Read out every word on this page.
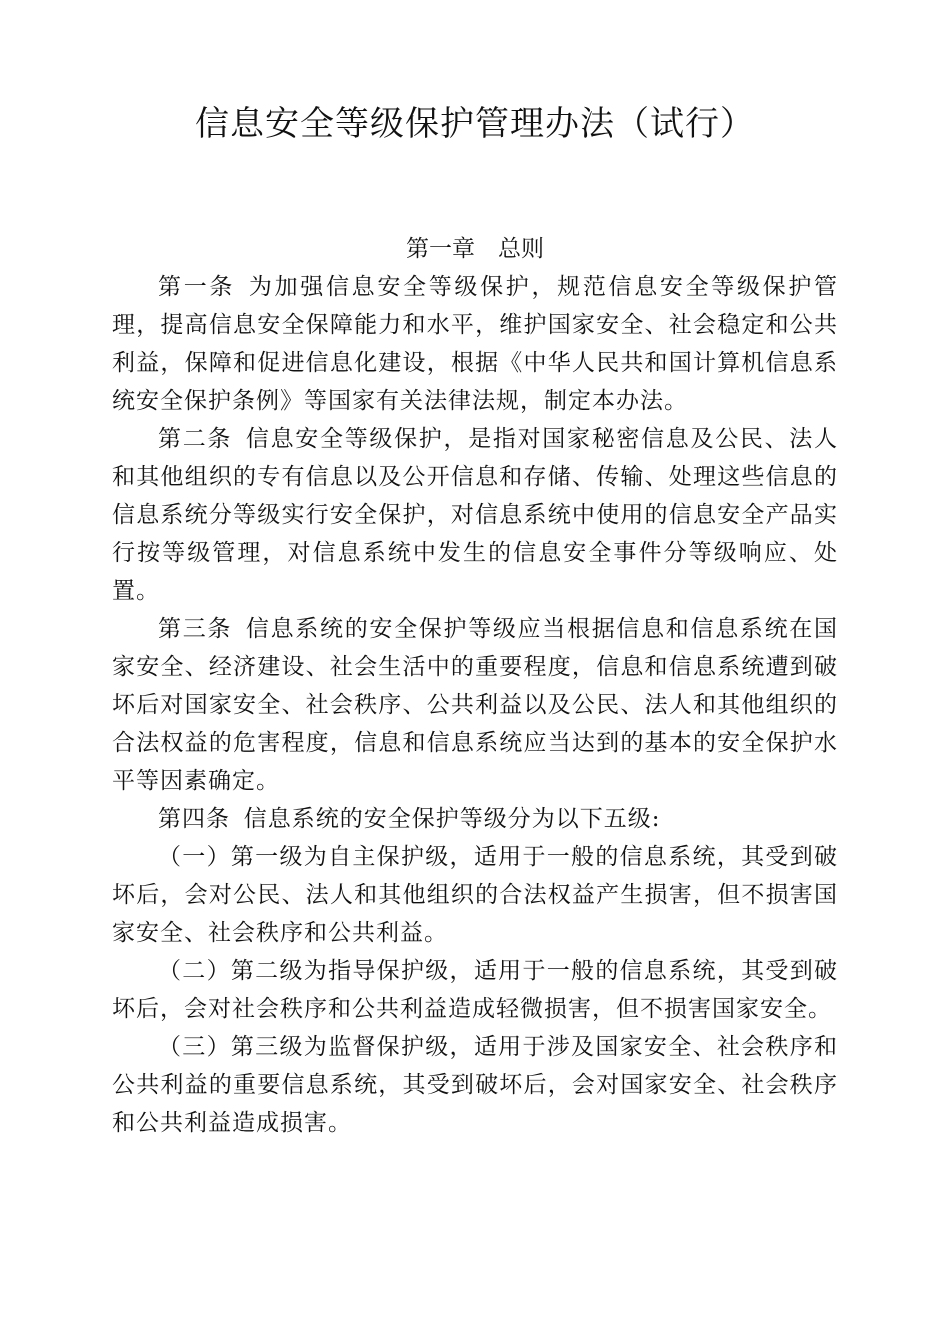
信息安全等级保护管理办法（试行）
第一章　总则

第一条 为加强信息安全等级保护，规范信息安全等级保护管理，提高信息安全保障能力和水平，维护国家安全、社会稳定和公共利益，保障和促进信息化建设，根据《中华人民共和国计算机信息系统安全保护条例》等国家有关法律法规，制定本办法。

第二条 信息安全等级保护，是指对国家秘密信息及公民、法人和其他组织的专有信息以及公开信息和存储、传输、处理这些信息的信息系统分等级实行安全保护，对信息系统中使用的信息安全产品实行按等级管理，对信息系统中发生的信息安全事件分等级响应、处置。

第三条 信息系统的安全保护等级应当根据信息和信息系统在国家安全、经济建设、社会生活中的重要程度，信息和信息系统遭到破坏后对国家安全、社会秩序、公共利益以及公民、法人和其他组织的合法权益的危害程度，信息和信息系统应当达到的基本的安全保护水平等因素确定。

第四条 信息系统的安全保护等级分为以下五级:

（一）第一级为自主保护级，适用于一般的信息系统，其受到破坏后，会对公民、法人和其他组织的合法权益产生损害，但不损害国家安全、社会秩序和公共利益。

（二）第二级为指导保护级，适用于一般的信息系统，其受到破坏后，会对社会秩序和公共利益造成轻微损害，但不损害国家安全。

（三）第三级为监督保护级，适用于涉及国家安全、社会秩序和公共利益的重要信息系统，其受到破坏后，会对国家安全、社会秩序和公共利益造成损害。
